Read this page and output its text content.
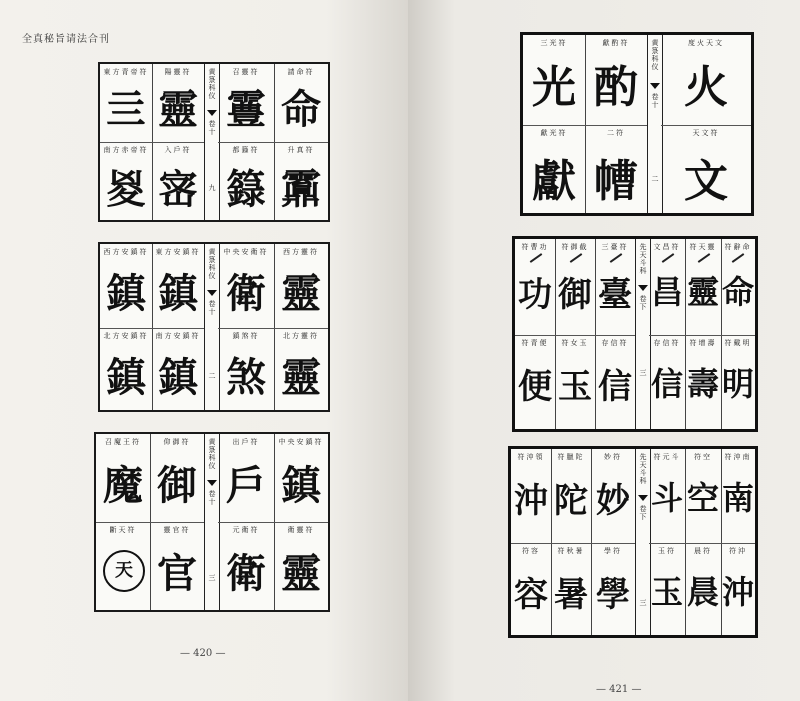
全真秘旨请法合刊
東方青帝符
亖
南方赤帝符
㚇
陽靈符
靈
入戶符
宻
黄箓科仪
卷十
九
召靈符
霻
都籙符
籙
請命符
命
升真符
䨶
西方安鎮符
鎮
北方安鎮符
鎮
東方安鎮符
鎮
南方安鎮符
鎮
黄箓科仪
卷十
二
中央安衛符
衛
鎮煞符
煞
西方靈符
靈
北方靈符
靈
召魔王符
魔
斷天符
天
仰御符
御
靈官符
官
黄箓科仪
卷十
三
出戶符
戶
元衛符
衛
中央安鎮符
鎮
衛靈符
靈
— 420 —
三光符
光
獻光符
獻
獻酌符
酌
二符
㡟
黄箓科仪
卷十
二
度火天文
火
天文符
文
符曹功
功
符青便
便
符御截
御
符女玉
玉
三臺符
臺
存信符
信
先天斗科
卷下
三
文昌符
昌
存信符
信
符天靈
靈
符增壽
壽
符辭命
命
符戴明
明
符沖領
沖
符容
容
符臘陀
陀
符秋暑
暑
妙符
妙
學符
學
先天斗科
卷下
三
符元斗
斗
玉符
玉
符空
空
晨符
晨
符沖南
南
符沖
沖
— 421 —
